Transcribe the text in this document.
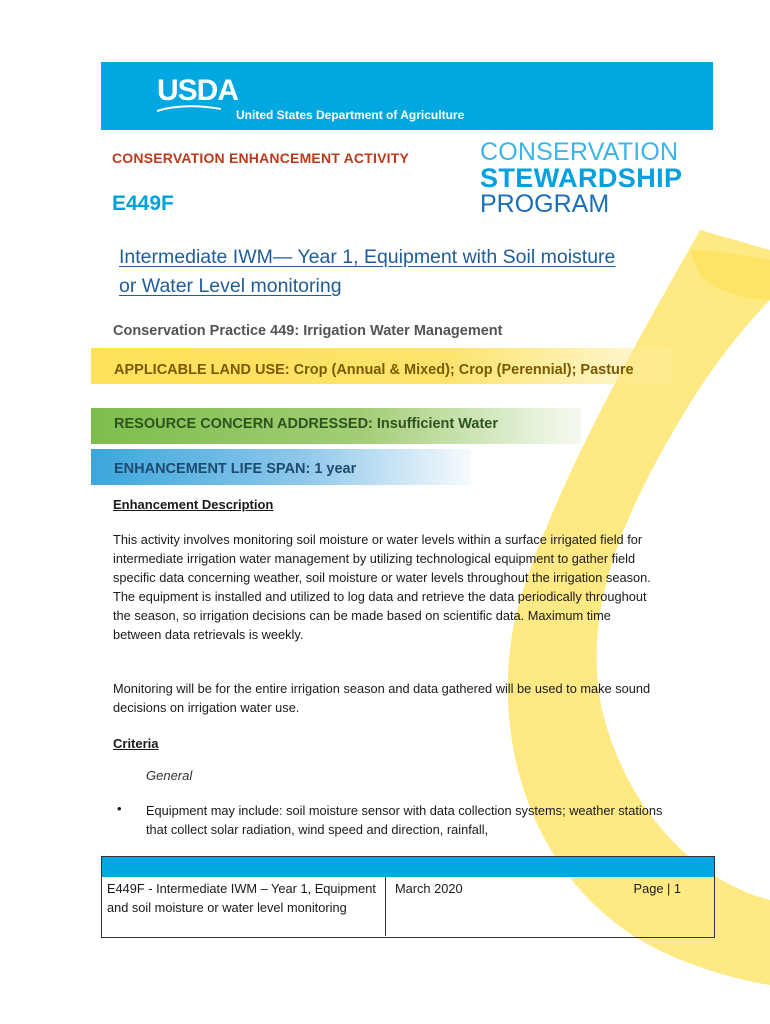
USDA
United States Department of Agriculture
CONSERVATION ENHANCEMENT ACTIVITY
E449F
CONSERVATION
STEWARDSHIP
PROGRAM
Intermediate IWM— Year 1, Equipment with Soil moisture
or Water Level monitoring
Conservation Practice 449: Irrigation Water Management
APPLICABLE LAND USE: Crop (Annual & Mixed); Crop (Perennial); Pasture
RESOURCE CONCERN ADDRESSED: Insufficient Water
ENHANCEMENT LIFE SPAN: 1 year
Enhancement Description
This activity involves monitoring soil moisture or water levels within a surface irrigated field for intermediate irrigation water management by utilizing technological equipment to gather field specific data concerning weather, soil moisture or water levels throughout the irrigation season. The equipment is installed and utilized to log data and retrieve the data periodically throughout the season, so irrigation decisions can be made based on scientific data. Maximum time between data retrievals is weekly.
Monitoring will be for the entire irrigation season and data gathered will be used to make sound decisions on irrigation water use.
Criteria
General
• Equipment may include: soil moisture sensor with data collection systems; weather stations that collect solar radiation, wind speed and direction, rainfall,
E449F - Intermediate IWM – Year 1, Equipment and soil moisture or water level monitoring
March 2020	Page | 1
